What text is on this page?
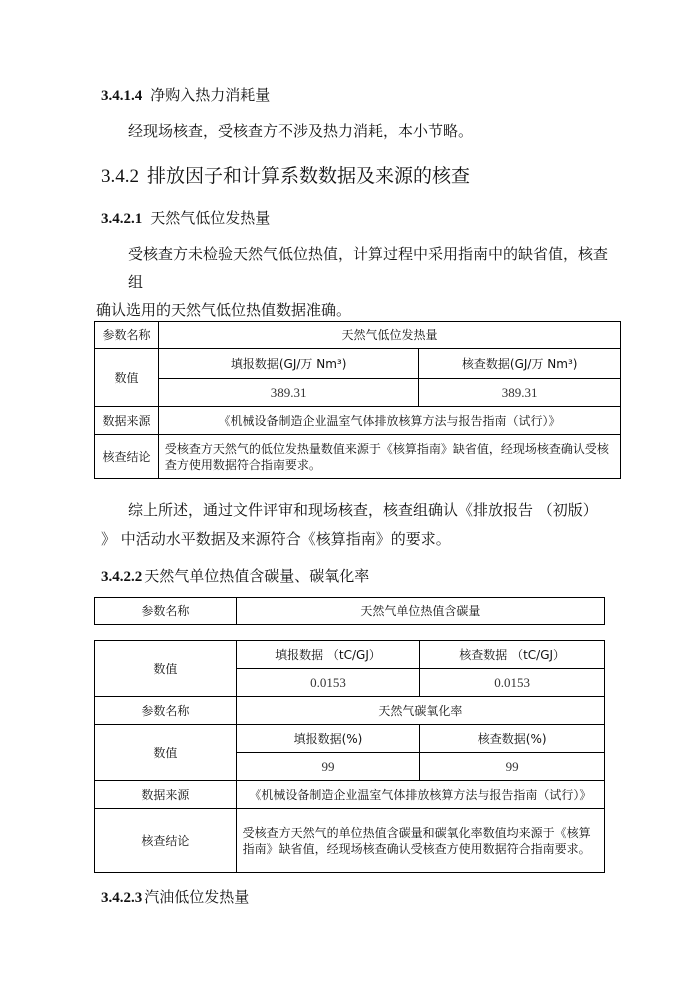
3.4.1.4 净购入热力消耗量
经现场核查，受核查方不涉及热力消耗，本小节略。
3.4.2 排放因子和计算系数数据及来源的核查
3.4.2.1 天然气低位发热量
受核查方未检验天然气低位热值，计算过程中采用指南中的缺省值，核查
组
确认选用的天然气低位热值数据准确。
参数名称	天然气低位发热量	
数值	填报数据(GJ/万 Nm³)	核查数据(GJ/万 Nm³)
	389.31	389.31
数据来源	《机械设备制造企业温室气体排放核算方法与报告指南（试行）》	
核查结论	受核查方天然气的低位发热量数值来源于《核算指南》缺省值，经现场核查确认受核查方使用数据符合指南要求。	
综上所述，通过文件评审和现场核查，核查组确认《排放报告 （初版）
》 中活动水平数据及来源符合《核算指南》的要求。
3.4.2.2 天然气单位热值含碳量、碳氧化率
参数名称	天然气单位热值含碳量
数值	填报数据 （tC/GJ）	核查数据 （tC/GJ）
	0.0153	0.0153
参数名称	天然气碳氧化率	
数值	填报数据(%)	核查数据(%)
	99	99
数据来源	《机械设备制造企业温室气体排放核算方法与报告指南（试行）》	
核查结论	受核查方天然气的单位热值含碳量和碳氧化率数值均来源于《核算指南》缺省值，经现场核查确认受核查方使用数据符合指南要求。	
3.4.2.3 汽油低位发热量
